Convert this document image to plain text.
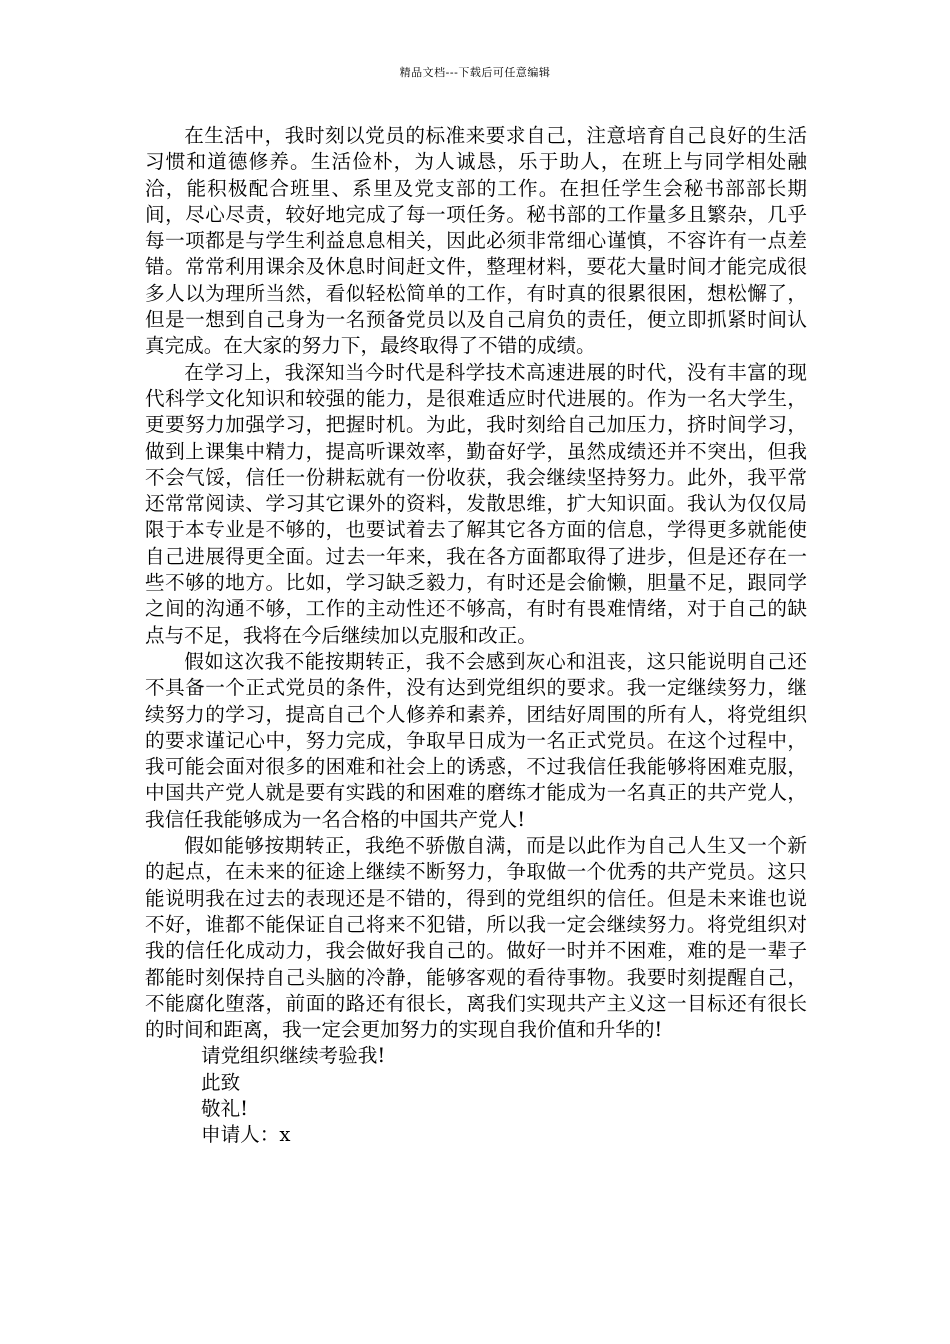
精品文档---下载后可任意编辑

在生活中，我时刻以党员的标准来要求自己，注意培育自己良好的生活习惯和道德修养。生活俭朴，为人诚恳，乐于助人，在班上与同学相处融洽，能积极配合班里、系里及党支部的工作。在担任学生会秘书部部长期间，尽心尽责，较好地完成了每一项任务。秘书部的工作量多且繁杂，几乎每一项都是与学生利益息息相关，因此必须非常细心谨慎，不容许有一点差错。常常利用课余及休息时间赶文件，整理材料，要花大量时间才能完成很多人以为理所当然，看似轻松简单的工作，有时真的很累很困，想松懈了，但是一想到自己身为一名预备党员以及自己肩负的责任，便立即抓紧时间认真完成。在大家的努力下，最终取得了不错的成绩。

在学习上，我深知当今时代是科学技术高速进展的时代，没有丰富的现代科学文化知识和较强的能力，是很难适应时代进展的。作为一名大学生，更要努力加强学习，把握时机。为此，我时刻给自己加压力，挤时间学习，做到上课集中精力，提高听课效率，勤奋好学，虽然成绩还并不突出，但我不会气馁，信任一份耕耘就有一份收获，我会继续坚持努力。此外，我平常还常常阅读、学习其它课外的资料，发散思维，扩大知识面。我认为仅仅局限于本专业是不够的，也要试着去了解其它各方面的信息，学得更多就能使自己进展得更全面。过去一年来，我在各方面都取得了进步，但是还存在一些不够的地方。比如，学习缺乏毅力，有时还是会偷懒，胆量不足，跟同学之间的沟通不够，工作的主动性还不够高，有时有畏难情绪，对于自己的缺点与不足，我将在今后继续加以克服和改正。

假如这次我不能按期转正，我不会感到灰心和沮丧，这只能说明自己还不具备一个正式党员的条件，没有达到党组织的要求。我一定继续努力，继续努力的学习，提高自己个人修养和素养，团结好周围的所有人，将党组织的要求谨记心中，努力完成，争取早日成为一名正式党员。在这个过程中，我可能会面对很多的困难和社会上的诱惑，不过我信任我能够将困难克服，中国共产党人就是要有实践的和困难的磨练才能成为一名真正的共产党人，我信任我能够成为一名合格的中国共产党人!

假如能够按期转正，我绝不骄傲自满，而是以此作为自己人生又一个新的起点，在未来的征途上继续不断努力，争取做一个优秀的共产党员。这只能说明我在过去的表现还是不错的，得到的党组织的信任。但是未来谁也说不好，谁都不能保证自己将来不犯错，所以我一定会继续努力。将党组织对我的信任化成动力，我会做好我自己的。做好一时并不困难，难的是一辈子都能时刻保持自己头脑的冷静，能够客观的看待事物。我要时刻提醒自己，不能腐化堕落，前面的路还有很长，离我们实现共产主义这一目标还有很长的时间和距离，我一定会更加努力的实现自我价值和升华的!

请党组织继续考验我!

此致

敬礼!

申请人：x
